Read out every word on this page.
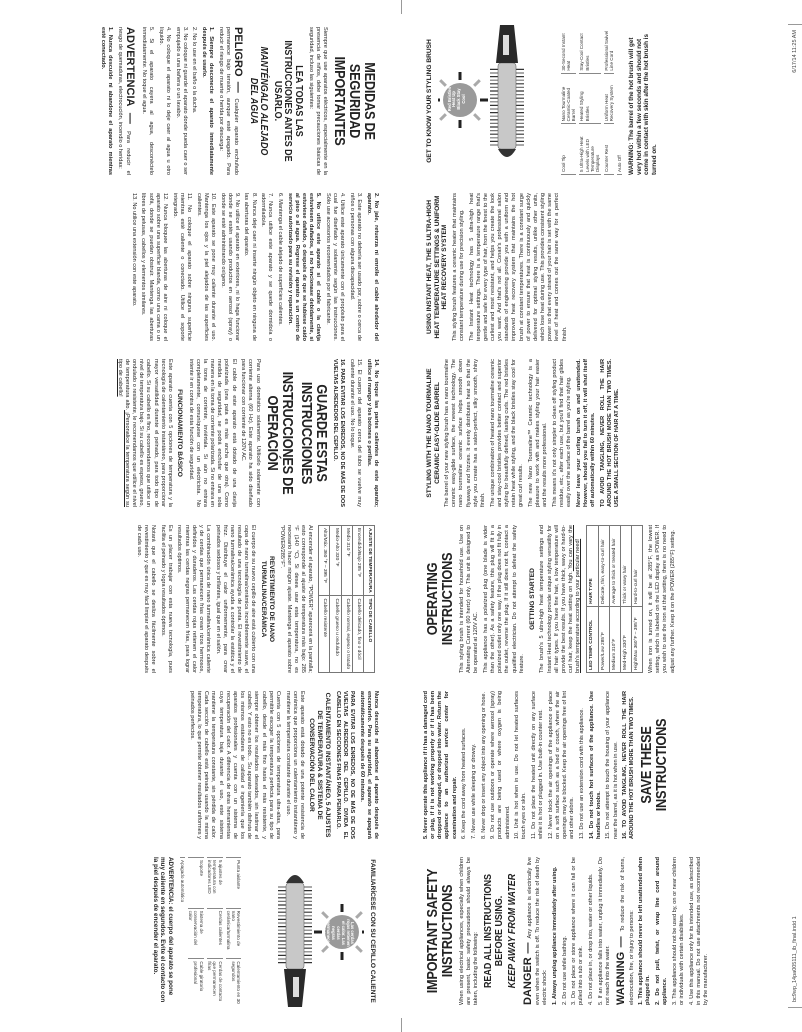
MEDIDAS DE SEGURIDAD IMPORTANTES

Siempre que use aparatos eléctricos, especialmente en la presencia de niños, debe tomar precauciones básicas de seguridad, incluso las siguientes:

LEA TODAS LAS INSTRUCCIONES ANTES DE USARLO.
MANTÉNGALO ALEJADO DEL AGUA

PELIGRO — Cualquier aparato enchufado permanece bajo tensión, aunque esté apagado. Para reducir el riesgo de muerte o herida por descarga:

1. Siempre desconecte el aparato inmediatamente después de usarlo.

2. No lo use en el baño o la ducha.

3. No coloque ni guarde el aparato donde pueda caer o ser empujado a una bañera o un lavabo.

4. No coloque el aparato ni lo deje caer al agua u otro líquido.

5. Si el aparato cayera al agua, desconéctelo inmediatamente. No toque el agua.

ADVERTENCIA — Para reducir el riesgo de quemaduras, electrocución, incendio o heridas:

1. Nunca descuide ni abandone el aparato mientras esté conectado.

2. No jale, retuerza ni enrolle el cable alrededor del aparato.

3. Este aparato no debería ser usado por, sobre o cerca de niños o personas con alguna discapacidad.

4. Utilice este aparato únicamente con el propósito para el cual fue diseñado y solamente según las instrucciones. Sólo use accesorios recomendados por el fabricante.

5. No utilice este aparato si el cable o la clavija estuviesen dañados, si no funcionase debidamente, si estuviese dañado, o después de que se hubiese caído al piso o al agua. Regrese el aparato a un centro de servicio autorizado para su revisión y reparación.

6. Mantenga el cable alejado de superficies calientes.

7. Nunca utilice este aparato y se quede dormido/a o adormilado/a.

8. Nunca deje caer ni inserte ningún objeto en ninguna de las aberturas del aparato.

9. No utilice el aparato en exteriores, ni lo haga funcionar donde se estén usando productos en aerosol (spray) o donde se esté administrando oxígeno.

10. Este aparato se pone muy caliente durante el uso. Mantenga los ojos y la piel alejados de las superficies calientes.

11. No coloque el aparato sobre ninguna superficie mientras esté caliente o conectado. Utilice el soporte integrado.

12. Nunca bloquee las aberturas de aire ni coloque el aparato sobre una superficie blanda, como una cama o un sofá, donde se puedan obstruir. Mantenga las aberturas libres de pelusas, cabellos y elementos similares.

13. No utilice una extensión con este aparato.

14. No toque las partes calientes de este aparato; utilice el mango y los botones o perillas.

15. El cuerpo del aparato cerca del tubo se vuelve muy caliente durante el uso. No lo toque.

16. PARA EVITAR LOS ENREDOS, NO DE MÁS DE DOS VUELTAS ALREDEDOR DEL CEPILLO.

GUARDE ESTAS INSTRUCCIONES
INSTRUCCIONES DE OPERACIÓN

Para uso doméstico solamente. Utilícelo solamente con corriente alterna (60 Hz). Este aparato ha sido diseñado para funcionar con corriente de 120V AC.

El cable de este aparato está dotado de una clavija polarizada (una pata es más ancha que otra). Como medida de seguridad, se podrá enchufar de una sola manera en la toma de corriente polarizada. Si no entrara en la toma de corriente, inviértala. Si aún no entrara completamente, comuníquese con un electricista. No intente ir en contra de esta función de seguridad.

FUNCIONAMIENTO BÁSICO

Este aparato cuenta con 5 opciones de temperatura y la tecnología de calentamiento instantáneo, para proporcionar mayor versatilidad durante el peinado, para todo tipo de cabello. Si su cabello es fino, recomendamos que utilice un nivel de temperatura bajo. Si su cabello es espeso, grueso, ondulado o resistente, le recomendamos que utilice el nivel de temperatura alto. ¡Personalice la temperatura según su tipo de cabello!

AJUSTE DE TEMPERATURA	TIPO DE CABELLO
Encendido/Bajo 285 °F	Cabello delicado, fino o dócil
Medio 310 °F	Cabello normal, espeso o tratado
Medio-Alto 330 °F	Cabello grueso u ondulado
Alto/Máx. 360 °F – 395 °F	Cabello resistente

Al encender el aparato, "POWER" aparecerá en la pantalla; esto corresponde al ajuste de temperatura más bajo: 285 °F (140 °C). Si desea usar esta temperatura, no es necesario hacer ningún ajuste. Mantenga el aparato sobre "POWER/285°F".

REVESTIMIENTO DE NANO TURMALINA/CERÁMICA

El cuerpo de su nuevo cepillo de aire está cubierto con una capa de nano turmalina/cerámica increíblemente suave, el resultado de una tecnología de punta. El revestimiento de nano turmalina/cerámica ayuda a controlar la estática y el frizz. Distribuye el calor uniformemente, para crear peinados sedosos y brillantes, igual que en el salón.

La combinación única de nano turmalina/cerámica caliente y de cerdas que permanecen frías crean rizos hermosos, definidos y duraderos. Las cerdas rojas retienen el calor mientras las cerdas negras permanecen frías, para lograr resultados óptimos.

Es un placer trabajar con esta nueva tecnología, pues facilita el peinado y logra resultados óptimos.

Notará que el cabello se desliza fácilmente sobre el revestimiento y que es muy fácil limpiar el aparato después de cada uso.

Nunca descuide ni abandone el aparato después de encenderlo. Para su seguridad, el aparato se apagará automáticamente después de 60 minutos.

PARA EVITAR LOS ENREDOS, NO DE MÁS DE DOS VUELTAS ALREDEDOR DEL CEPILLO. DIVIDA EL CABELLO EN SECCIONES FINAS PARA PEINARLO.

CALENTAMIENTO INSTANTÁNEO, 5 AJUSTES DE TEMPERATURA & SISTEMA DE CONSERVACIÓN DEL CALOR

Este aparato está dotado de una potente resistencia de cerámica que proporciona un calentamiento instantáneo y mantiene la temperatura constante durante el uso.

Cuenta con 5 opciones de temperatura ultra-altas, para permitirle escoger la temperatura perfecta para su tipo de cabello, desde el más fino hasta el más resistente, y siempre obtener los resultados deseados, sin lastimar el cabello. Y esto no es todo... Su aparato también disfruta de los mismos estándares de calidad e ingeniería que los aparatos profesionales y cuenta con un sistema de recuperación del calor. A diferencia de otras herramientas cuya temperatura baja durante el uso, este sistema mantiene la temperatura constante, sin pérdida de calor. Cada sección de cabello está peinada usando la misma temperatura, lo que permite obtener resultados uniformes y peinados perfectos.

FAMILIARÍCESE CON SU CEPILLO CALIENTE
Las cerdas rojas retienen el calor. Las cerdas negras permanecen frías
Punta aislante
Revestimiento de nano cerámica/turmalina
Calentamiento en 30 segundos
5 ajustes de temperatura con indicadores LED
Cerdas calientes
Cerdas de contacto que permanecen frías
Soporte
Sistema de conservación del calor
Cable giratorio profesional
Apagado automático
ADVERTENCIA: el cuerpo del aparato se pone muy caliente en segundos. Evite el contacto con la piel después de encender el aparato.	IMPORTANT SAFETY INSTRUCTIONS When using electrical appliances, especially when children are present, basic safety precautions should always be taken, including the following: READ ALL INSTRUCTIONS BEFORE USING. KEEP AWAY FROM WATER DANGER — Any appliance is electrically live even when the switch is off. To reduce the risk of death by electric shock: 1. Always unplug appliance immediately after using. 2. Do not use while bathing. 3. Do not place or store appliance where it can fall or be pulled into a tub or sink. 4. Do not place in, or drop into, water or other liquids. 5. If an appliance falls into water, unplug it immediately. Do not reach into the water. WARNING — To reduce the risk of burns, electrocution, fire, or injury to persons: 1. This appliance should never be left unattended when plugged in. 2. Do not pull, twist, or wrap line cord around appliance. 3. This appliance should not be used by, on or near children or individuals with certain disabilities. 4. Use this appliance only for its intended use, as described in this manual. Do not use attachments not recommended by the manufacturer.

5. Never operate this appliance if it has a damaged cord or plug, if it is not working properly or if it has been dropped or damaged, or dropped into water. Return the appliance to an authorized service center for examination and repair. 6. Keep the cord away from heated surfaces. 7. Never use while sleeping or drowsy. 8. Never drop or insert any object into any opening or hose. 9. Do not use outdoors or operate where aerosol (spray) products are being used or where oxygen is being administered. 10. Unit is hot when in use. Do not let heated surfaces touch eyes or skin. 11. Do not place the heated unit directly on any surface while it is hot or plugged in. Use built-in counter rest. 12. Never block the air openings of the appliance or place on a soft surface such as a bed or couch, where the air openings may be blocked. Keep the air openings free of lint and other debris. 13. Do not use an extension cord with this appliance. 14. Do not touch hot surfaces of the appliance. Use handles or knobs. 15. Do not attempt to touch the housing of your appliance near the barrel, as it is hot when in use. 16. TO AVOID TANGLING, NEVER ROLL THE HAIR AROUND THE HOT BRUSH MORE THAN TWO TIMES. SAVE THESE INSTRUCTIONS
OPERATING INSTRUCTIONS This styling brush is intended for household use. Use on Alternating Current (60 hertz) only. This unit is designed to be operated at 120V AC. This appliance has a polarized plug (one blade is wider than the other). As a safety feature, this plug will fit in a polarized outlet only one way. If the plug does not fit fully in the outlet, reverse the plug. If it still does not fit, contact a qualified electrician. Do not attempt to defeat the safety feature.

GETTING STARTED The brush's 5 ultra-high heat temperature settings and Instant Heat technology provide unique styling versatility for all hair types. If you have fine hair, a low temperature will provide the best results. If you have thick, wavy or hard-to-curl hair, keep the heat setting on high. You can vary the brush's temperature according to your particular need! LED TEMP. CONTROL	HAIR TYPE
Power/Low 285°F	Delicate, thin, easy-to-curl hair
Medium 310°F	Average to thick or treated hair
Med-High 330°F	Thick or wavy hair
High/Max 360°F – 395°F	Hard-to-curl hair When iron is turned on, it will be at 285°F, the lowest setting, which is labeled on the LED display as POWER. If you wish to use the iron at that setting, there is no need to adjust any further. Keep it on the POWER (285°F) setting.

STYLING WITH THE NANO TOURMALINE CERAMIC EASY-GLIDE BARREL The barrel of your new styling brush has a nano tourmaline ceramic easy-glide surface, the newest technology. The nano tourmaline ceramic surface helps smooth down flyaways and frizzies. It evenly distributes heat so that the style you create has a salon-perfect, silky smooth, shiny finish. The unique combination of heated nano tourmaline ceramic and stay-cool bristles provides better contact and superior styling for beautifully defined, lasting curls. The red bristles retain heat while styling, and the black bristles stay cool for great curl results. The new Nano Tourmaline™ Ceramic technology is a pleasure to work with and makes styling your hair easier and the results more professional. This means it's not only simpler to clean off styling product residue, etc., after each use, but you'll find that hair glides easily over the surface of the barrel as you're styling. Never leave your curling brush on and unattended. However, should you fail to turn it off, it will shut itself off automatically within 60 minutes. TO AVOID TANGLING, NEVER ROLL THE HAIR AROUND THE HOT BRUSH MORE THAN TWO TIMES. USE A SMALL SECTION OF HAIR AT A TIME.

USING INSTANT HEAT, THE 5 ULTRA-HIGH HEAT TEMPERATURE SETTINGS & UNIFORM HEAT RECOVERY SYSTEM This styling brush features a ceramic heater that maintains constant temperature during use for precision styling. The Instant Heat technology has 5 ultra-high heat temperature settings. There is a temperature range that's gentle and safe for every type of hair, from the finest to the curliest and most resistant, and helps you create the look you want. And that's not all. Conair's professional salon standards of engineering provide you with a uniform and improved heat recovery system that maintains the hot brush at constant temperatures. There is a constant surge of power to ensure that heat is continuously and quickly delivered for optimal styling results, unlike other units, which lose heat during use. This provides consistent styling power so that every strand of your hair is set with the same level of heat and comes out the same way for a perfect finish.

GET TO KNOW YOUR STYLING BRUSH	Red Bristles Heat Up Black Stay Cool
Cool Tip
Nano Tourmaline Ceramic-Coated Barrel
30-Second Instant Heat
5 Ultra-High Heat Levels with LED Temperature Displays
Heated Styling Bristles
Stay-Cool Contact Bristles
Counter Rest
Uniform Heat Recovery System
Professional Swivel Line Cord
Auto Off WARNING: The barrel of the hot brush will get very hot within a few seconds and should not come in contact with skin after the hot brush is turned on.
bc9wp_14pa005111_ib_final.indd 1
6/17/14 11:25 AM
